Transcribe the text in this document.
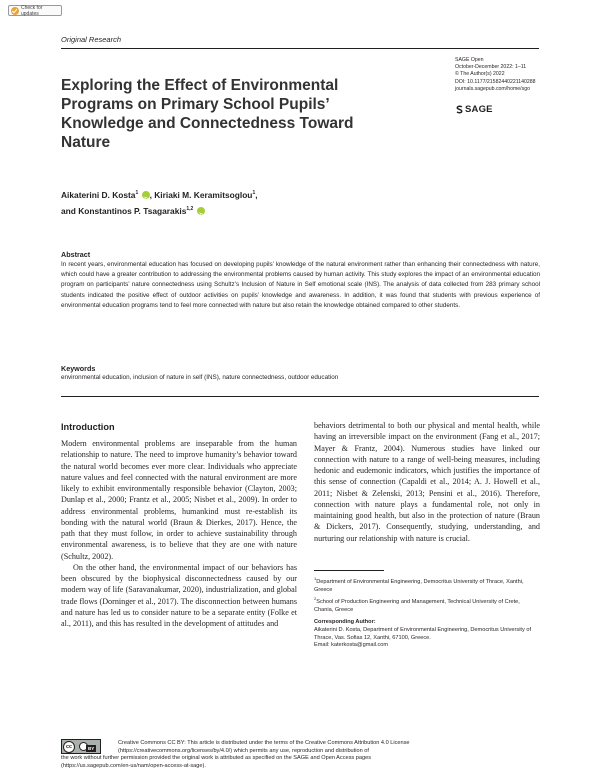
Check for updates
Original Research
Exploring the Effect of Environmental Programs on Primary School Pupils’ Knowledge and Connectedness Toward Nature
SAGE Open
October-December 2022: 1–11
© The Author(s) 2022
DOI: 10.1177/21582440221140288
journals.sagepub.com/home/sgo
SAGE
Aikaterini D. Kosta$^1$ iD , Kiriaki M. Keramitsoglou$^1$,
and Konstantinos P. Tsagarakis$^{1,2}$ iD
Abstract

In recent years, environmental education has focused on developing pupils’ knowledge of the natural environment rather than enhancing their connectedness with nature, which could have a greater contribution to addressing the environmental problems caused by human activity. This study explores the impact of an environmental education program on participants’ nature connectedness using Schultz’s Inclusion of Nature in Self emotional scale (INS). The analysis of data collected from 283 primary school students indicated the positive effect of outdoor activities on pupils’ knowledge and awareness. In addition, it was found that students with previous experience of environmental education programs tend to feel more connected with nature but also retain the knowledge obtained compared to other students.

Keywords

environmental education, inclusion of nature in self (INS), nature connectedness, outdoor education

Introduction

Modern environmental problems are inseparable from the human relationship to nature. The need to improve humanity’s behavior toward the natural world becomes ever more clear. Individuals who appreciate nature values and feel connected with the natural environment are more likely to exhibit environmentally responsible behavior (Clayton, 2003; Dunlap et al., 2000; Frantz et al., 2005; Nisbet et al., 2009). In order to address environmental problems, humankind must re-establish its bonding with the natural world (Braun & Dierkes, 2017). Hence, the path that they must follow, in order to achieve sustainability through environmental awareness, is to believe that they are one with nature (Schultz, 2002).

On the other hand, the environmental impact of our behaviors has been obscured by the biophysical disconnectedness caused by our modern way of life (Saravanakumar, 2020), industrialization, and global trade flows (Dorninger et al., 2017). The disconnection between humans and nature has led us to consider nature to be a separate entity (Folke et al., 2011), and this has resulted in the development of attitudes and

behaviors detrimental to both our physical and mental health, while having an irreversible impact on the environment (Fang et al., 2017; Mayer & Frantz, 2004). Numerous studies have linked our connection with nature to a range of well-being measures, including hedonic and eudemonic indicators, which justifies the importance of this sense of connection (Capaldi et al., 2014; A. J. Howell et al., 2011; Nisbet & Zelenski, 2013; Pensini et al., 2016). Therefore, connection with nature plays a fundamental role, not only in maintaining good health, but also in the protection of nature (Braun & Dickers, 2017). Consequently, studying, understanding, and nurturing our relationship with nature is crucial.

$^1$Department of Environmental Engineering, Democritus University of Thrace, Xanthi, Greece
$^2$School of Production Engineering and Management, Technical University of Crete, Chania, Greece
Corresponding Author:
Aikaterini D. Kosta, Department of Environmental Engineering, Democritus University of Thrace, Vas. Sofias 12, Xanthi, 67100, Greece.
Email: katerkosta@gmail.com
cc	BY
Creative Commons CC BY: This article is distributed under the terms of the Creative Commons Attribution 4.0 License
(https://creativecommons.org/licenses/by/4.0/) which permits any use, reproduction and distribution of
the work without further permission provided the original work is attributed as specified on the SAGE and Open Access pages
(https://us.sagepub.com/en-us/nam/open-access-at-sage).
